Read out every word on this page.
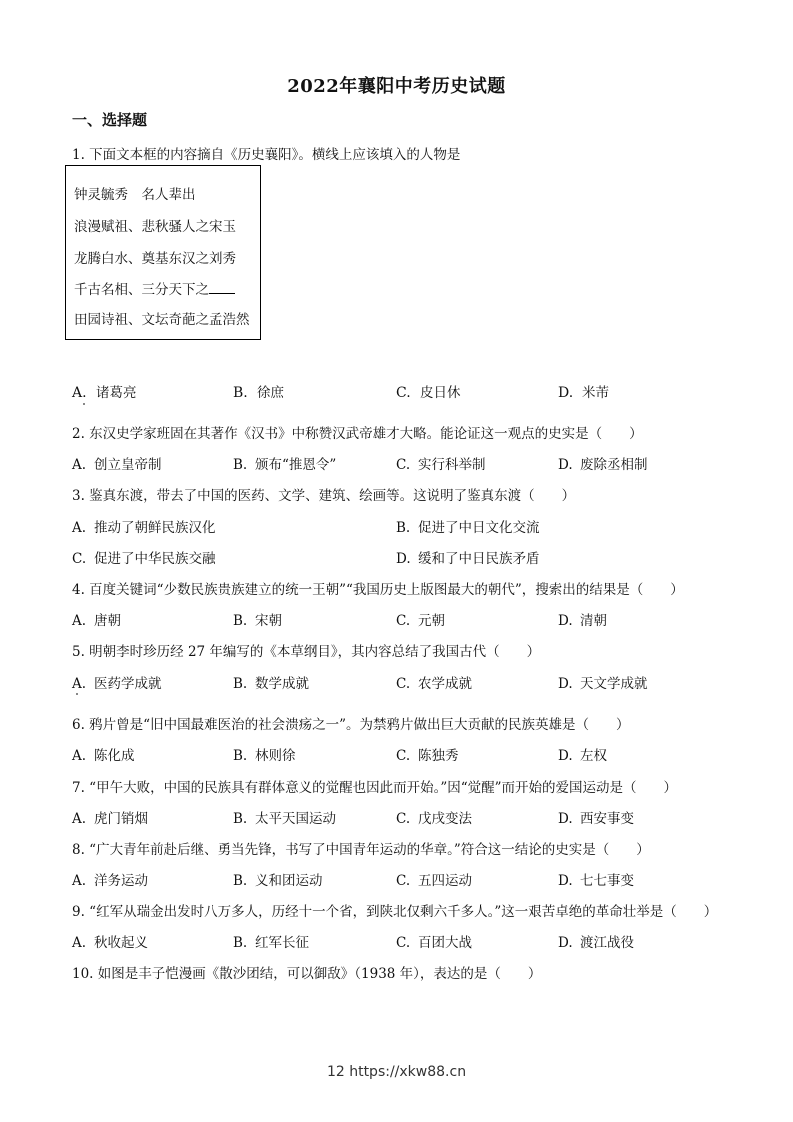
2022年襄阳中考历史试题
一、选择题
1. 下面文本框的内容摘自《历史襄阳》。横线上应该填入的人物是
钟灵毓秀　名人辈出
浪漫赋祖、悲秋骚人之宋玉
龙腾白水、奠基东汉之刘秀
千古名相、三分天下之
田园诗祖、文坛奇葩之孟浩然
A. 诸葛亮	B. 徐庶	C. 皮日休	D. 米芾
2. 东汉史学家班固在其著作《汉书》中称赞汉武帝雄才大略。能论证这一观点的史实是（　　）
A. 创立皇帝制	B. 颁布“推恩令”	C. 实行科举制	D. 废除丞相制
3. 鉴真东渡，带去了中国的医药、文学、建筑、绘画等。这说明了鉴真东渡（　　）
A. 推动了朝鲜民族汉化	B. 促进了中日文化交流
C. 促进了中华民族交融	D. 缓和了中日民族矛盾
4. 百度关键词“少数民族贵族建立的统一王朝”“我国历史上版图最大的朝代”，搜索出的结果是（　　）
A. 唐朝	B. 宋朝	C. 元朝	D. 清朝
5. 明朝李时珍历经 27 年编写的《本草纲目》，其内容总结了我国古代（　　）
A. 医药学成就	B. 数学成就	C. 农学成就	D. 天文学成就
6. 鸦片曾是“旧中国最难医治的社会溃疡之一”。为禁鸦片做出巨大贡献的民族英雄是（　　）
A. 陈化成	B. 林则徐	C. 陈独秀	D. 左权
7. “甲午大败，中国的民族具有群体意义的觉醒也因此而开始。”因“觉醒”而开始的爱国运动是（　　）
A. 虎门销烟	B. 太平天国运动	C. 戊戌变法	D. 西安事变
8. “广大青年前赴后继、勇当先锋，书写了中国青年运动的华章。”符合这一结论的史实是（　　）
A. 洋务运动	B. 义和团运动	C. 五四运动	D. 七七事变
9. “红军从瑞金出发时八万多人，历经十一个省，到陕北仅剩六千多人。”这一艰苦卓绝的革命壮举是（　　）
A. 秋收起义	B. 红军长征	C. 百团大战	D. 渡江战役
10. 如图是丰子恺漫画《散沙团结，可以御敌》（1938 年），表达的是（　　）
12 https://xkw88.cn
